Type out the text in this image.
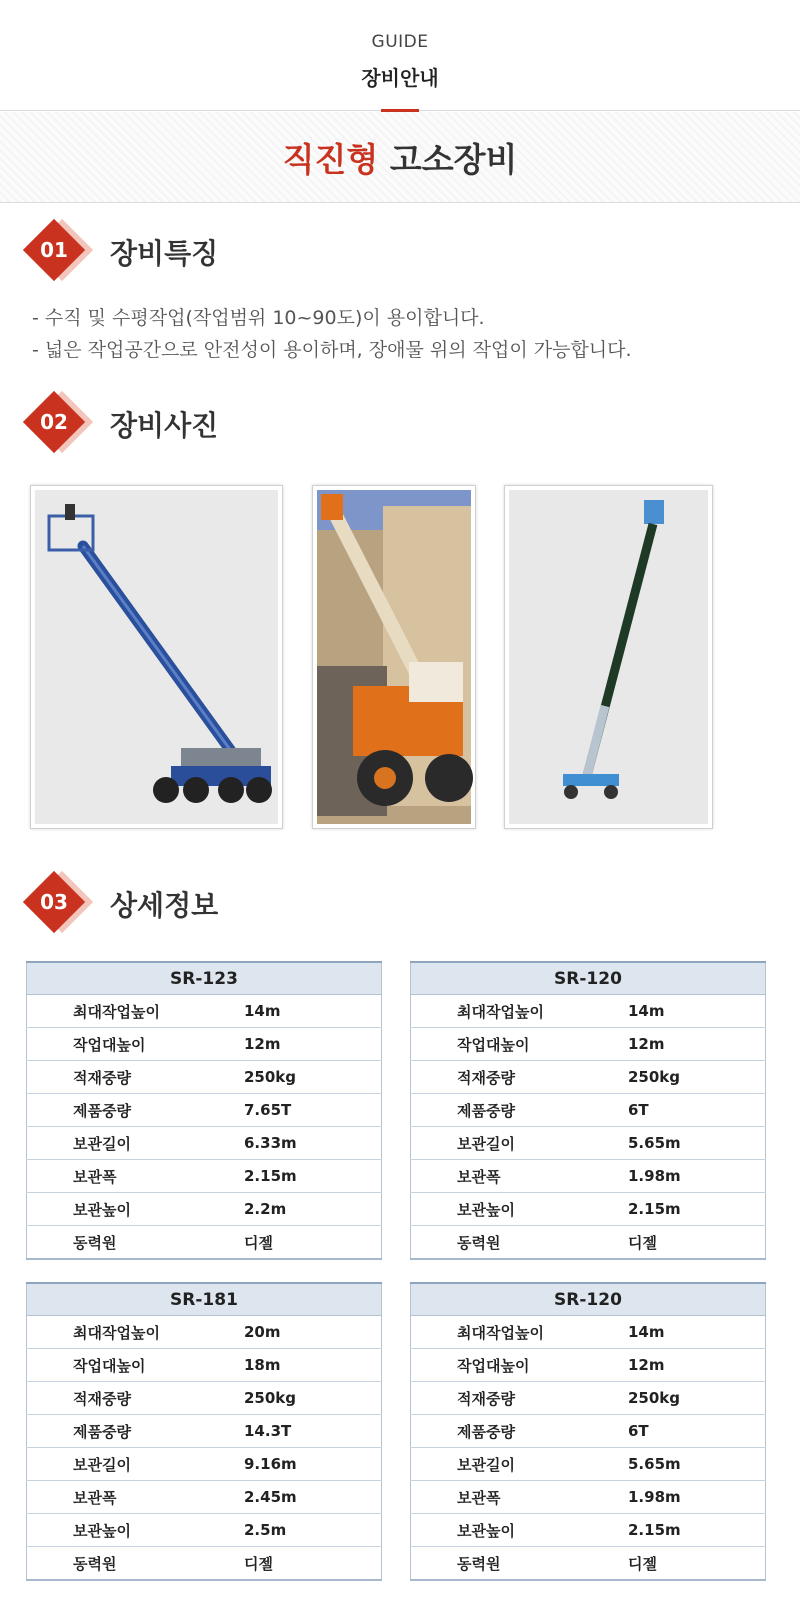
GUIDE
장비안내
직진형 고소장비
01	장비특징
- 수직 및 수평작업(작업범위 10~90도)이 용이합니다.
- 넓은 작업공간으로 안전성이 용이하며, 장애물 위의 작업이 가능합니다.
02	장비사진
03	상세정보
SR-123	
최대작업높이	14m
작업대높이	12m
적재중량	250kg
제품중량	7.65T
보관길이	6.33m
보관폭	2.15m
보관높이	2.2m
동력원	디젤
SR-120	
최대작업높이	14m
작업대높이	12m
적재중량	250kg
제품중량	6T
보관길이	5.65m
보관폭	1.98m
보관높이	2.15m
동력원	디젤
SR-181	
최대작업높이	20m
작업대높이	18m
적재중량	250kg
제품중량	14.3T
보관길이	9.16m
보관폭	2.45m
보관높이	2.5m
동력원	디젤
SR-120	
최대작업높이	14m
작업대높이	12m
적재중량	250kg
제품중량	6T
보관길이	5.65m
보관폭	1.98m
보관높이	2.15m
동력원	디젤
